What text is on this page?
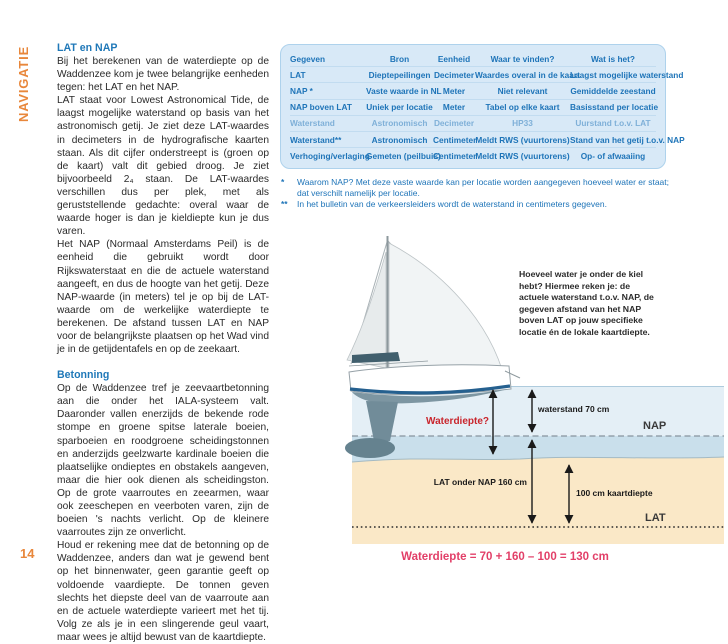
NAVIGATIE
14
LAT en NAP

Bij het berekenen van de waterdiepte op de Waddenzee kom je twee belangrijke eenheden tegen: het LAT en het NAP.

LAT staat voor Lowest Astronomical Tide, de laagst mogelijke waterstand op basis van het astronomisch getij. Je ziet deze LAT-waardes in decimeters in de hydrografische kaarten staan. Als dit cijfer onderstreept is (groen op de kaart) valt dit gebied droog. Je ziet bijvoorbeeld 2₄ staan. De LAT-waardes verschillen dus per plek, met als geruststellende gedachte: overal waar de waarde hoger is dan je kieldiepte kun je dus varen.

Het NAP (Normaal Amsterdams Peil) is de eenheid die gebruikt wordt door Rijkswaterstaat en die de actuele waterstand aangeeft, en dus de hoogte van het getij. Deze NAP-waarde (in meters) tel je op bij de LAT-waarde om de werkelijke waterdiepte te berekenen. De afstand tussen LAT en NAP voor de belangrijkste plaatsen op het Wad vind je in de getijdentafels en op de zeekaart.

Betonning

Op de Waddenzee tref je zeevaartbetonning aan die onder het IALA-systeem valt. Daaronder vallen enerzijds de bekende rode stompe en groene spitse laterale boeien, sparboeien en roodgroene scheidingstonnen en anderzijds geelzwarte kardinale boeien die plaatselijke ondieptes en obstakels aangeven, maar die hier ook dienen als scheidingston. Op de grote vaarroutes en zeearmen, waar ook zeeschepen en veerboten varen, zijn de boeien 's nachts verlicht. Op de kleinere vaarroutes zijn ze onverlicht.

Houd er rekening mee dat de betonning op de Waddenzee, anders dan wat je gewend bent op het binnenwater, geen garantie geeft op voldoende vaardiepte. De tonnen geven slechts het diepste deel van de vaarroute aan en de actuele waterdiepte varieert met het tij. Volg ze als je in een slingerende geul vaart, maar wees je altijd bewust van de kaartdiepte.

Gegeven	Bron	Eenheid	Waar te vinden?	Wat is het?
LAT	Dieptepeilingen Decimeter Waardes overal in de kaart
Laagst mogelijke waterstand
NAP *	Vaste waarde in NL Meter	Niet relevant	Gemiddelde zeestand
NAP boven LAT	Uniek per locatie	Meter	Tabel op elke kaart	Basisstand per locatie
Waterstand	Astronomisch Decimeter	HP33	Uurstand t.o.v. LAT
Waterstand**	Astronomisch Centimeter
Meldt RWS (vuurtorens) Stand van het getij t.o.v. NAP
Verhoging/verlaging
Gemeten (peilbuis)
Centimeter
Meldt RWS (vuurtorens)	Op- of afwaaiing
*	Waarom NAP? Met deze vaste waarde kan per locatie worden aangegeven hoeveel water er staat; dat verschilt namelijk per locatie.
**	In het bulletin van de verkeersleiders wordt de waterstand in centimeters gegeven.
Hoeveel water je onder de kiel hebt? Hiermee reken je: de actuele waterstand t.o.v. NAP, de gegeven afstand van het NAP boven LAT op jouw specifieke locatie én de lokale kaartdiepte.
Waterdiepte?
waterstand 70 cm
NAP
LAT onder NAP 160 cm
100 cm kaartdiepte
LAT
Waterdiepte = 70 + 160 – 100 = 130 cm
